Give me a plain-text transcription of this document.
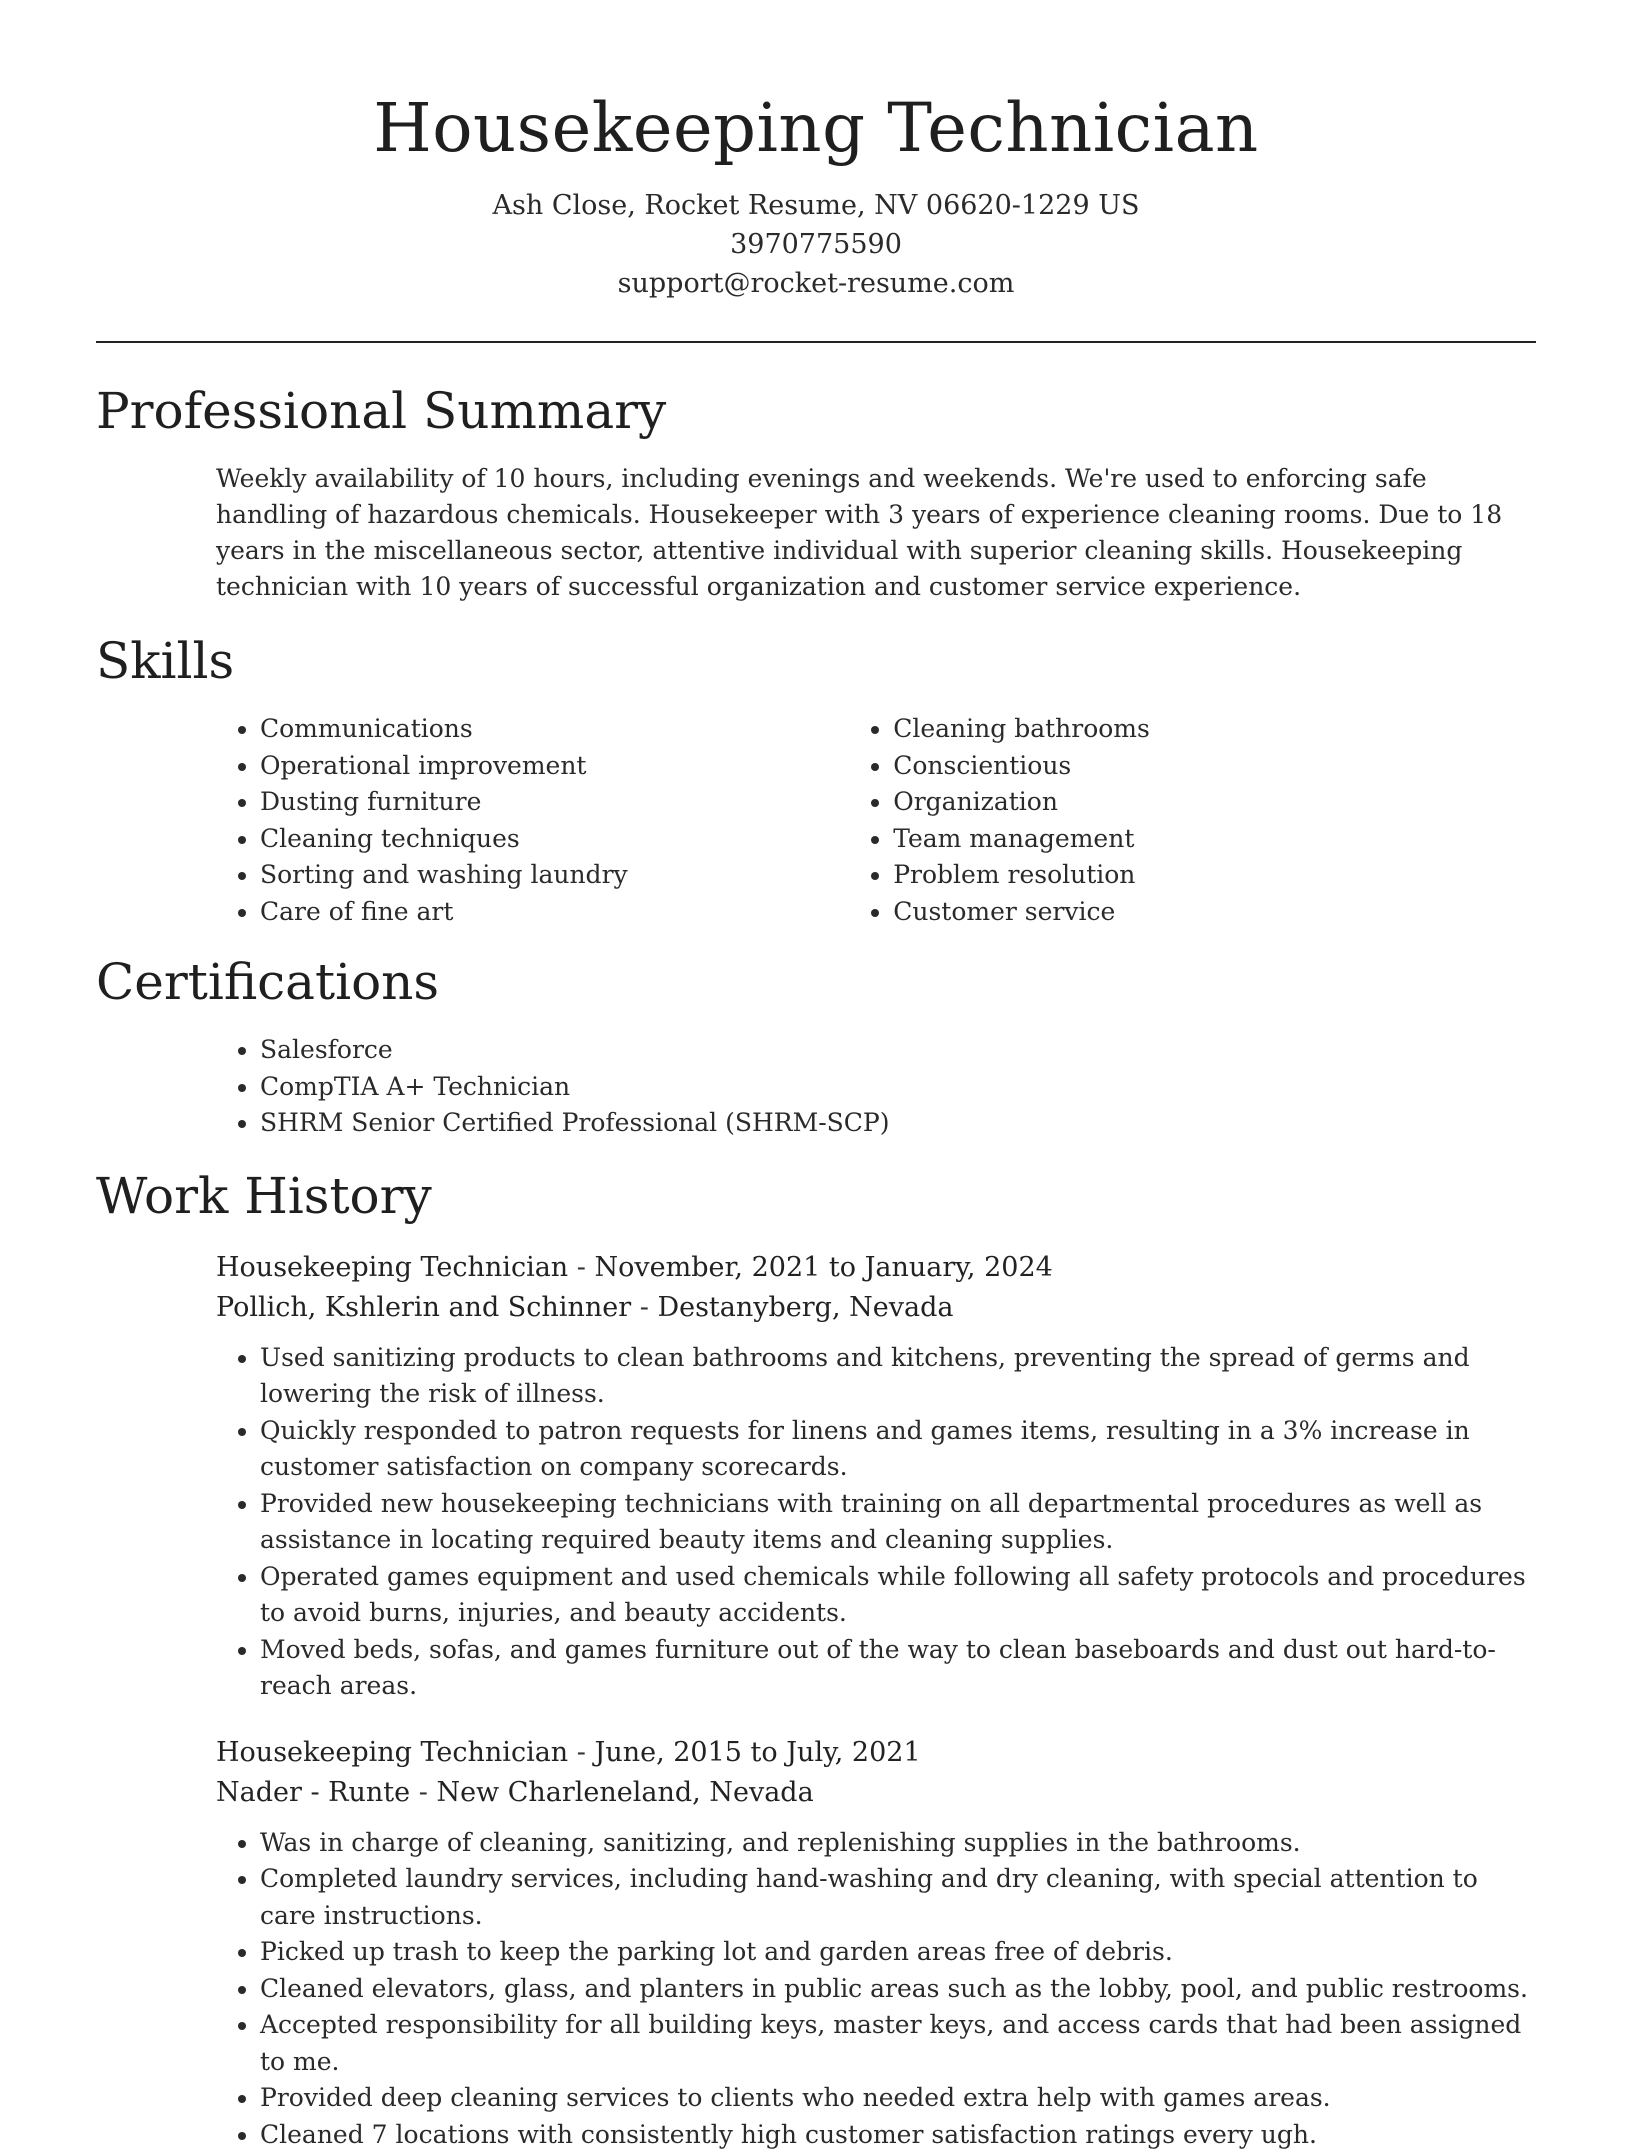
Housekeeping Technician
Ash Close, Rocket Resume, NV 06620-1229 US
3970775590
support@rocket-resume.com
Professional Summary
Weekly availability of 10 hours, including evenings and weekends. We're used to enforcing safe handling of hazardous chemicals. Housekeeper with 3 years of experience cleaning rooms. Due to 18 years in the miscellaneous sector, attentive individual with superior cleaning skills. Housekeeping technician with 10 years of successful organization and customer service experience.
Skills
• Communications
• Operational improvement
• Dusting furniture
• Cleaning techniques
• Sorting and washing laundry
• Care of fine art
• Cleaning bathrooms
• Conscientious
• Organization
• Team management
• Problem resolution
• Customer service
Certifications
• Salesforce
• CompTIA A+ Technician
• SHRM Senior Certified Professional (SHRM-SCP)
Work History
Housekeeping Technician - November, 2021 to January, 2024
Pollich, Kshlerin and Schinner - Destanyberg, Nevada
• Used sanitizing products to clean bathrooms and kitchens, preventing the spread of germs and lowering the risk of illness.
• Quickly responded to patron requests for linens and games items, resulting in a 3% increase in customer satisfaction on company scorecards.
• Provided new housekeeping technicians with training on all departmental procedures as well as assistance in locating required beauty items and cleaning supplies.
• Operated games equipment and used chemicals while following all safety protocols and procedures to avoid burns, injuries, and beauty accidents.
• Moved beds, sofas, and games furniture out of the way to clean baseboards and dust out hard-to-reach areas.
Housekeeping Technician - June, 2015 to July, 2021
Nader - Runte - New Charleneland, Nevada
• Was in charge of cleaning, sanitizing, and replenishing supplies in the bathrooms.
• Completed laundry services, including hand-washing and dry cleaning, with special attention to care instructions.
• Picked up trash to keep the parking lot and garden areas free of debris.
• Cleaned elevators, glass, and planters in public areas such as the lobby, pool, and public restrooms.
• Accepted responsibility for all building keys, master keys, and access cards that had been assigned to me.
• Provided deep cleaning services to clients who needed extra help with games areas.
• Cleaned 7 locations with consistently high customer satisfaction ratings every ugh.
